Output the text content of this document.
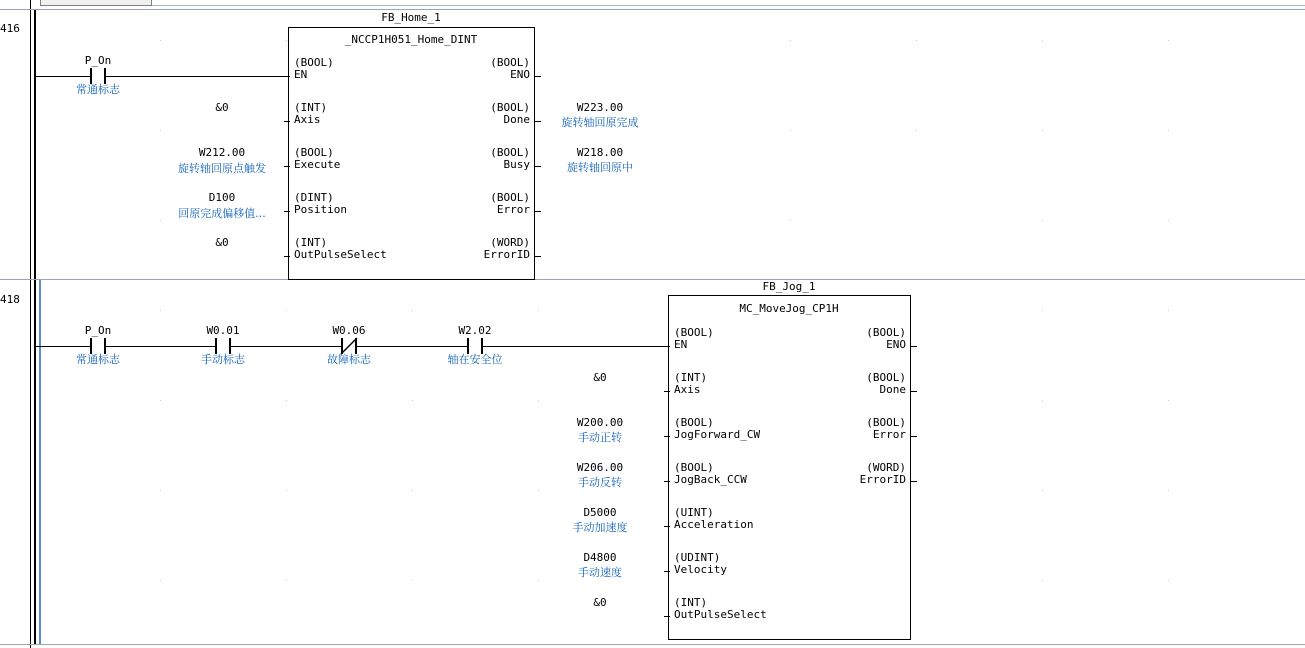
416
418
P_On
常通标志
FB_Home_1
_NCCP1H051_Home_DINT
(BOOL)
EN
(INT)
Axis
(BOOL)
Execute
(DINT)
Position
(INT)
OutPulseSelect
(BOOL)
ENO
(BOOL)
Done
(BOOL)
Busy
(BOOL)
Error
(WORD)
ErrorID
&0
W212.00
旋转轴回原点触发
D100
回原完成偏移值...
&0
W223.00
旋转轴回原完成
W218.00
旋转轴回原中
P_On
常通标志
W0.01
手动标志
W0.06
故障标志
W2.02
轴在安全位
FB_Jog_1
MC_MoveJog_CP1H
(BOOL)
EN
(INT)
Axis
(BOOL)
JogForward_CW
(BOOL)
JogBack_CCW
(UINT)
Acceleration
(UDINT)
Velocity
(INT)
OutPulseSelect
(BOOL)
ENO
(BOOL)
Done
(BOOL)
Error
(WORD)
ErrorID
&0
W200.00
手动正转
W206.00
手动反转
D5000
手动加速度
D4800
手动速度
&0
